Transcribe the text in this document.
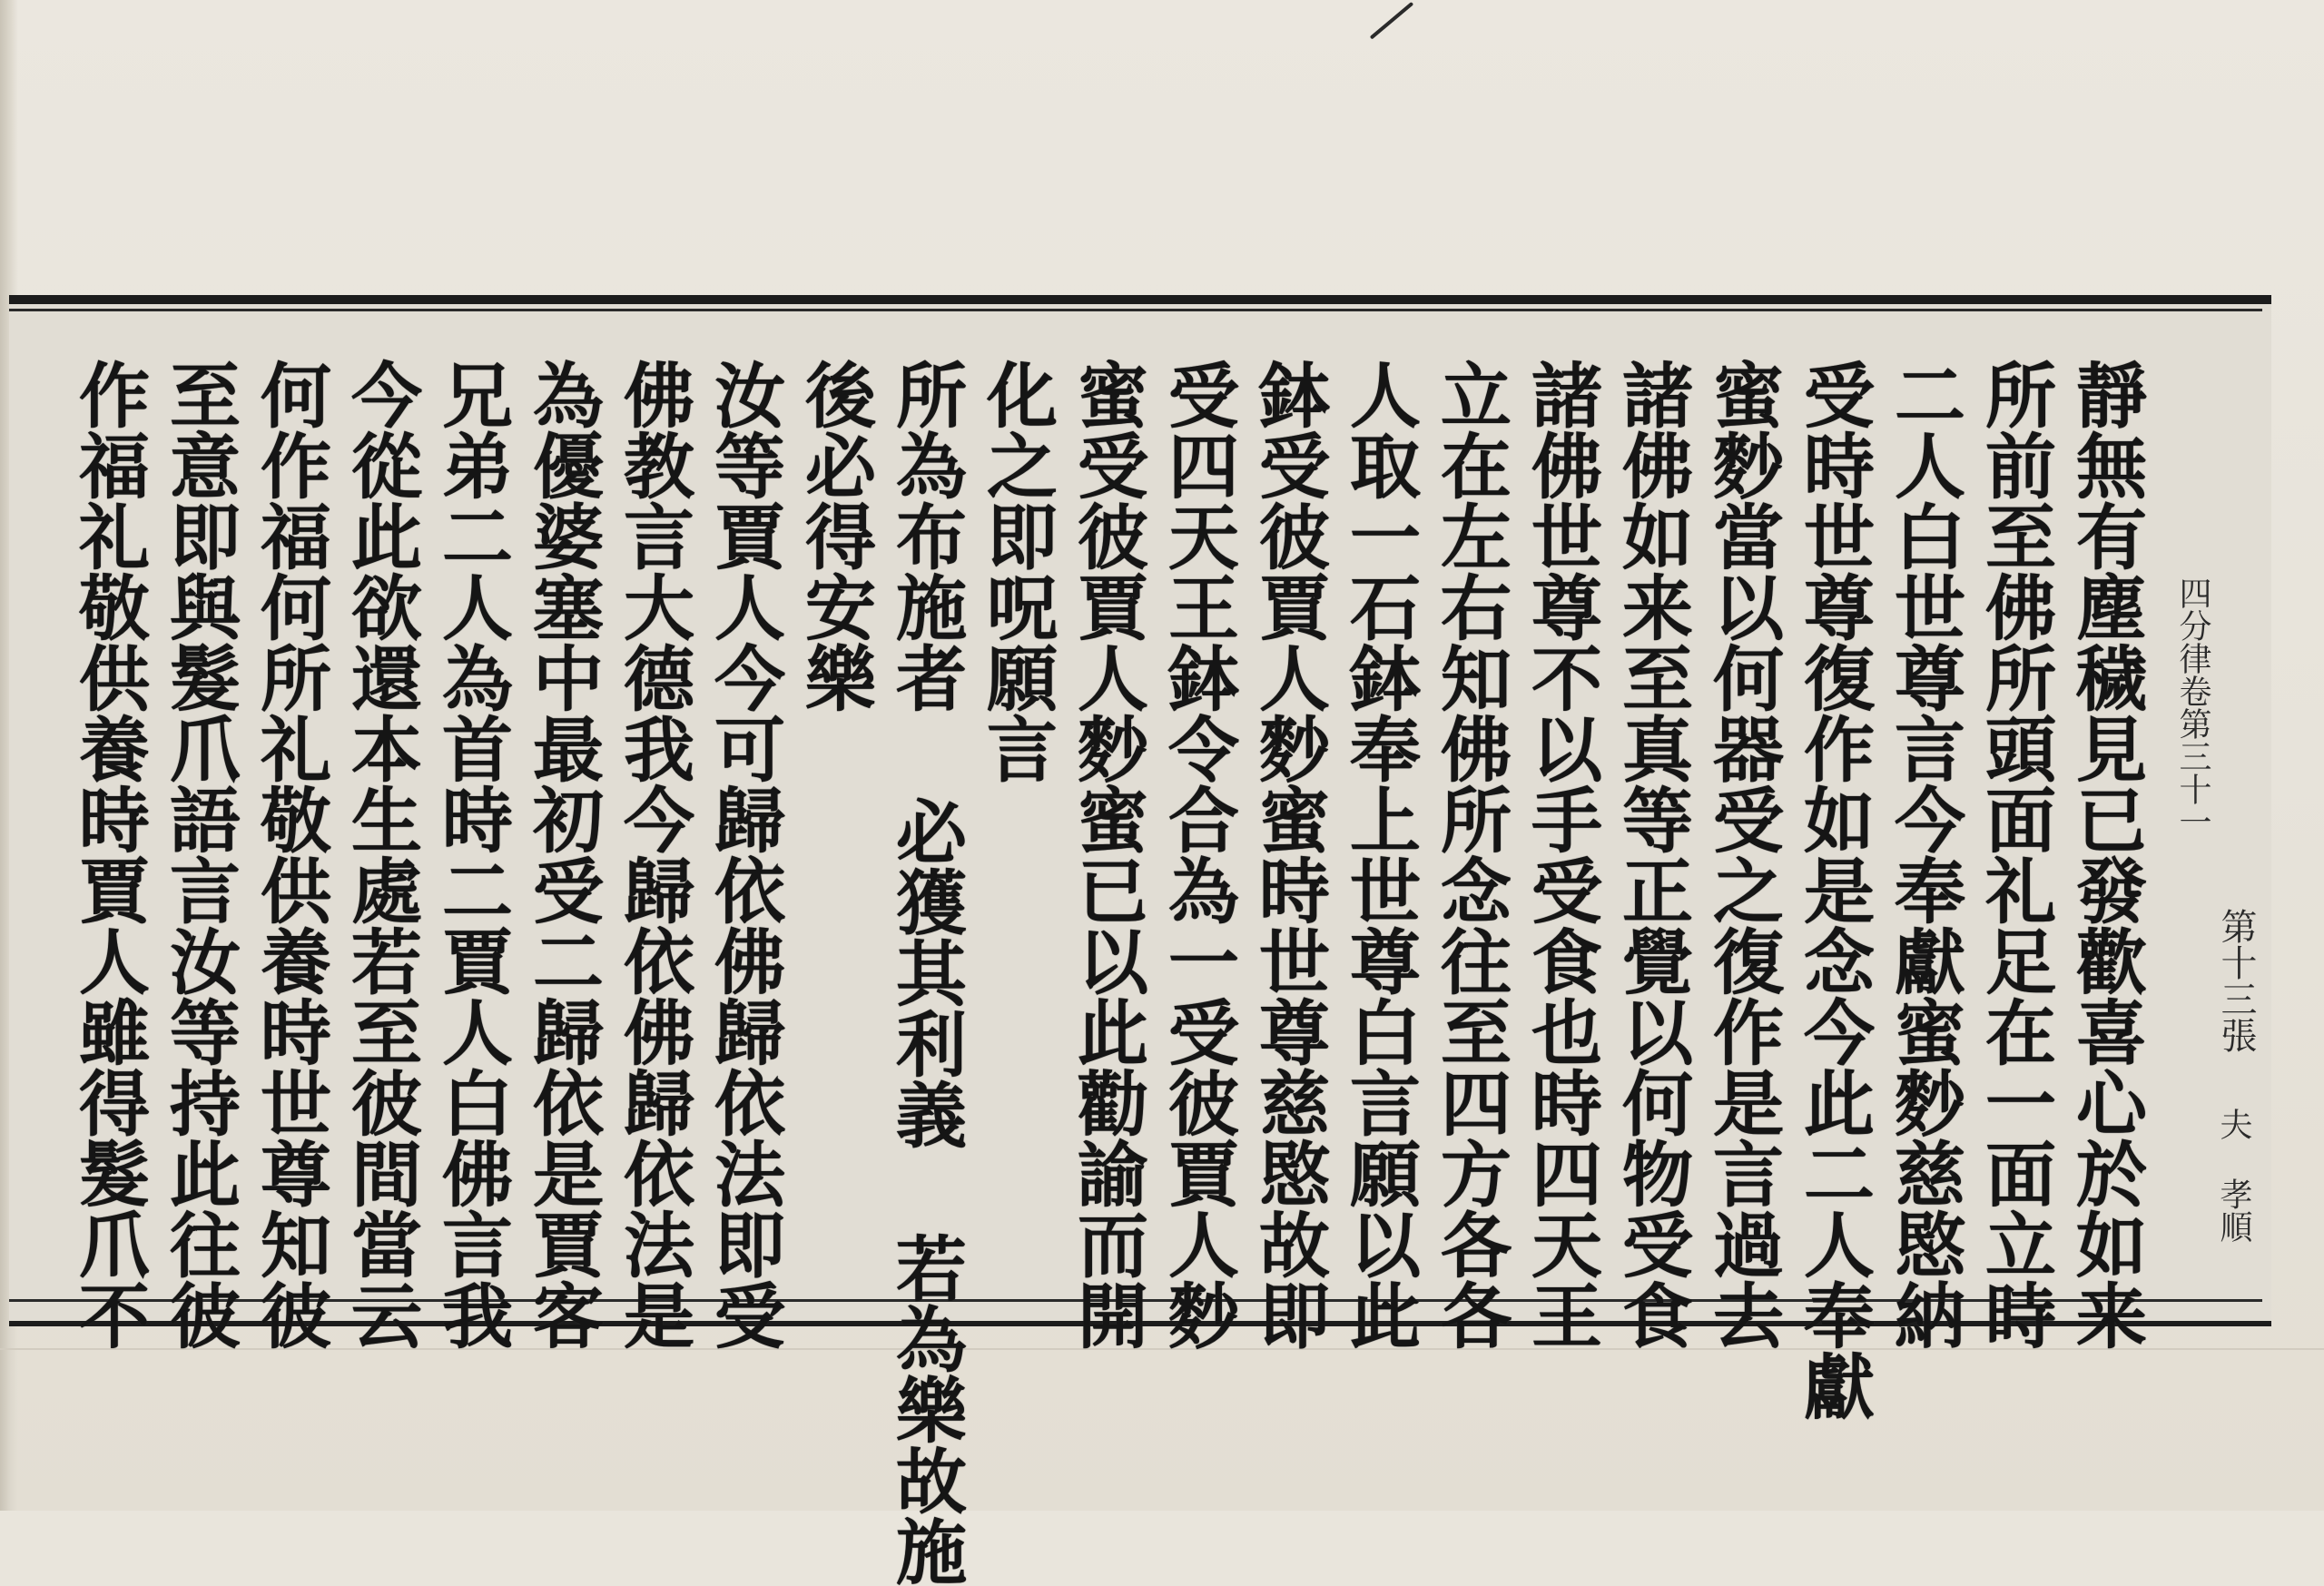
四分律卷第三十一
第十三張
夫 孝順
靜無有塵穢見已發歡喜心於如来
所前至佛所頭面礼足在一面立時
二人白世尊言今奉獻蜜麨慈愍納
受時世尊復作如是念今此二人奉獻
蜜麨當以何器受之復作是言過去
諸佛如来至真等正覺以何物受食
諸佛世尊不以手受食也時四天王
立在左右知佛所念往至四方各各
人取一石鉢奉上世尊白言願以此
鉢受彼賈人麨蜜時世尊慈愍故即
受四天王鉢令合為一受彼賈人麨
蜜受彼賈人麨蜜已以此勸諭而開
化之即呪願言
所為布施者 必獲其利義 若為樂故施
後必得安樂
汝等賈人今可歸依佛歸依法即受
佛教言大德我今歸依佛歸依法是
為優婆塞中最初受二歸依是賈客
兄弟二人為首時二賈人白佛言我
今從此欲還本生處若至彼間當云
何作福何所礼敬供養時世尊知彼
至意即與髮爪語言汝等持此往彼
作福礼敬供養時賈人雖得髮爪不
